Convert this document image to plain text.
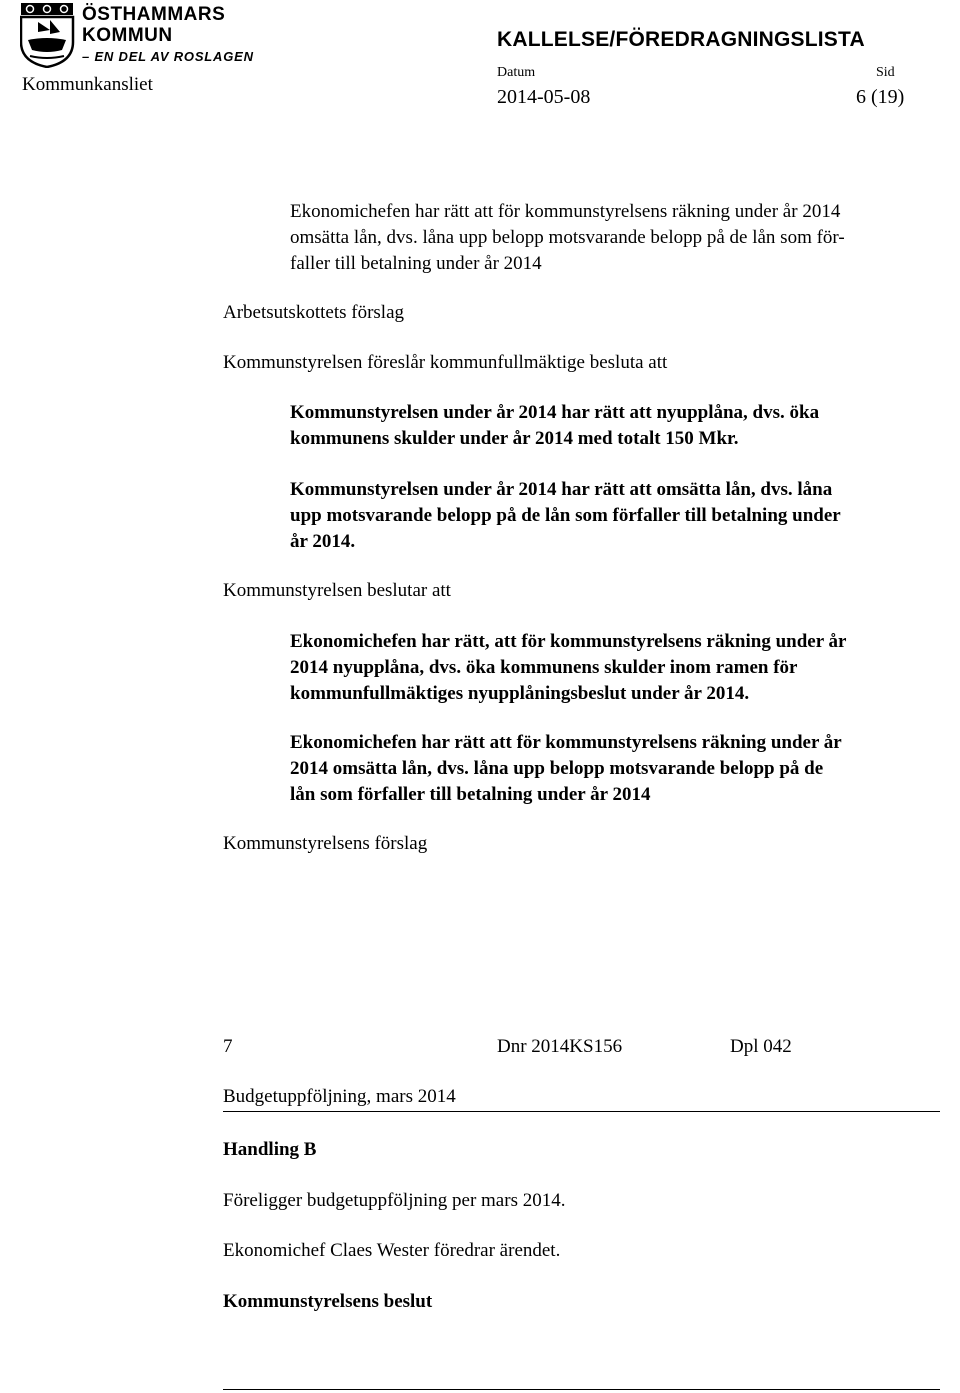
ÖSTHAMMARS
KOMMUN
– EN DEL AV ROSLAGEN
Kommunkansliet
KALLELSE/FÖREDRAGNINGSLISTA
Datum	Sid
2014-05-08	6 (19)
Ekonomichefen har rätt att för kommunstyrelsens räkning under år 2014
omsätta lån, dvs. låna upp belopp motsvarande belopp på de lån som för-
faller till betalning under år 2014
Arbetsutskottets förslag
Kommunstyrelsen föreslår kommunfullmäktige besluta att
Kommunstyrelsen under år 2014 har rätt att nyupplåna, dvs. öka
kommunens skulder under år 2014 med totalt 150 Mkr.
Kommunstyrelsen under år 2014 har rätt att omsätta lån, dvs. låna
upp motsvarande belopp på de lån som förfaller till betalning under
år 2014.
Kommunstyrelsen beslutar att
Ekonomichefen har rätt, att för kommunstyrelsens räkning under år
2014 nyupplåna, dvs. öka kommunens skulder inom ramen för
kommunfullmäktiges nyupplåningsbeslut under år 2014.
Ekonomichefen har rätt att för kommunstyrelsens räkning under år
2014 omsätta lån, dvs. låna upp belopp motsvarande belopp på de
lån som förfaller till betalning under år 2014
Kommunstyrelsens förslag
7	Dnr 2014KS156	Dpl 042
Budgetuppföljning, mars 2014
Handling B
Föreligger budgetuppföljning per mars 2014.
Ekonomichef Claes Wester föredrar ärendet.
Kommunstyrelsens beslut
